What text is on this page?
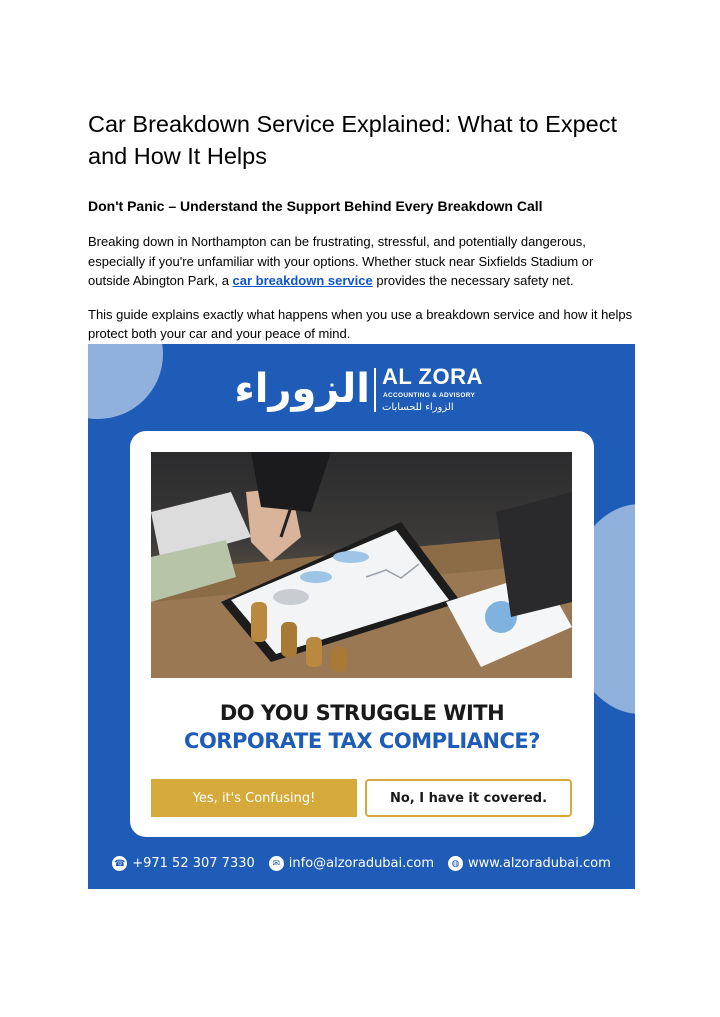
Car Breakdown Service Explained: What to Expect and How It Helps
Don't Panic – Understand the Support Behind Every Breakdown Call

Breaking down in Northampton can be frustrating, stressful, and potentially dangerous, especially if you're unfamiliar with your options. Whether stuck near Sixfields Stadium or outside Abington Park, a car breakdown service provides the necessary safety net.

This guide explains exactly what happens when you use a breakdown service and how it helps protect both your car and your peace of mind.

الزوراء AL ZORA
ACCOUNTING & ADVISORY
الزوراء للحسابات
DO YOU STRUGGLE WITH
CORPORATE TAX COMPLIANCE?
Yes, it's Confusing!	No, I have it covered.
☎ +971 52 307 7330	✉ info@alzoradubai.com	◍ www.alzoradubai.com
